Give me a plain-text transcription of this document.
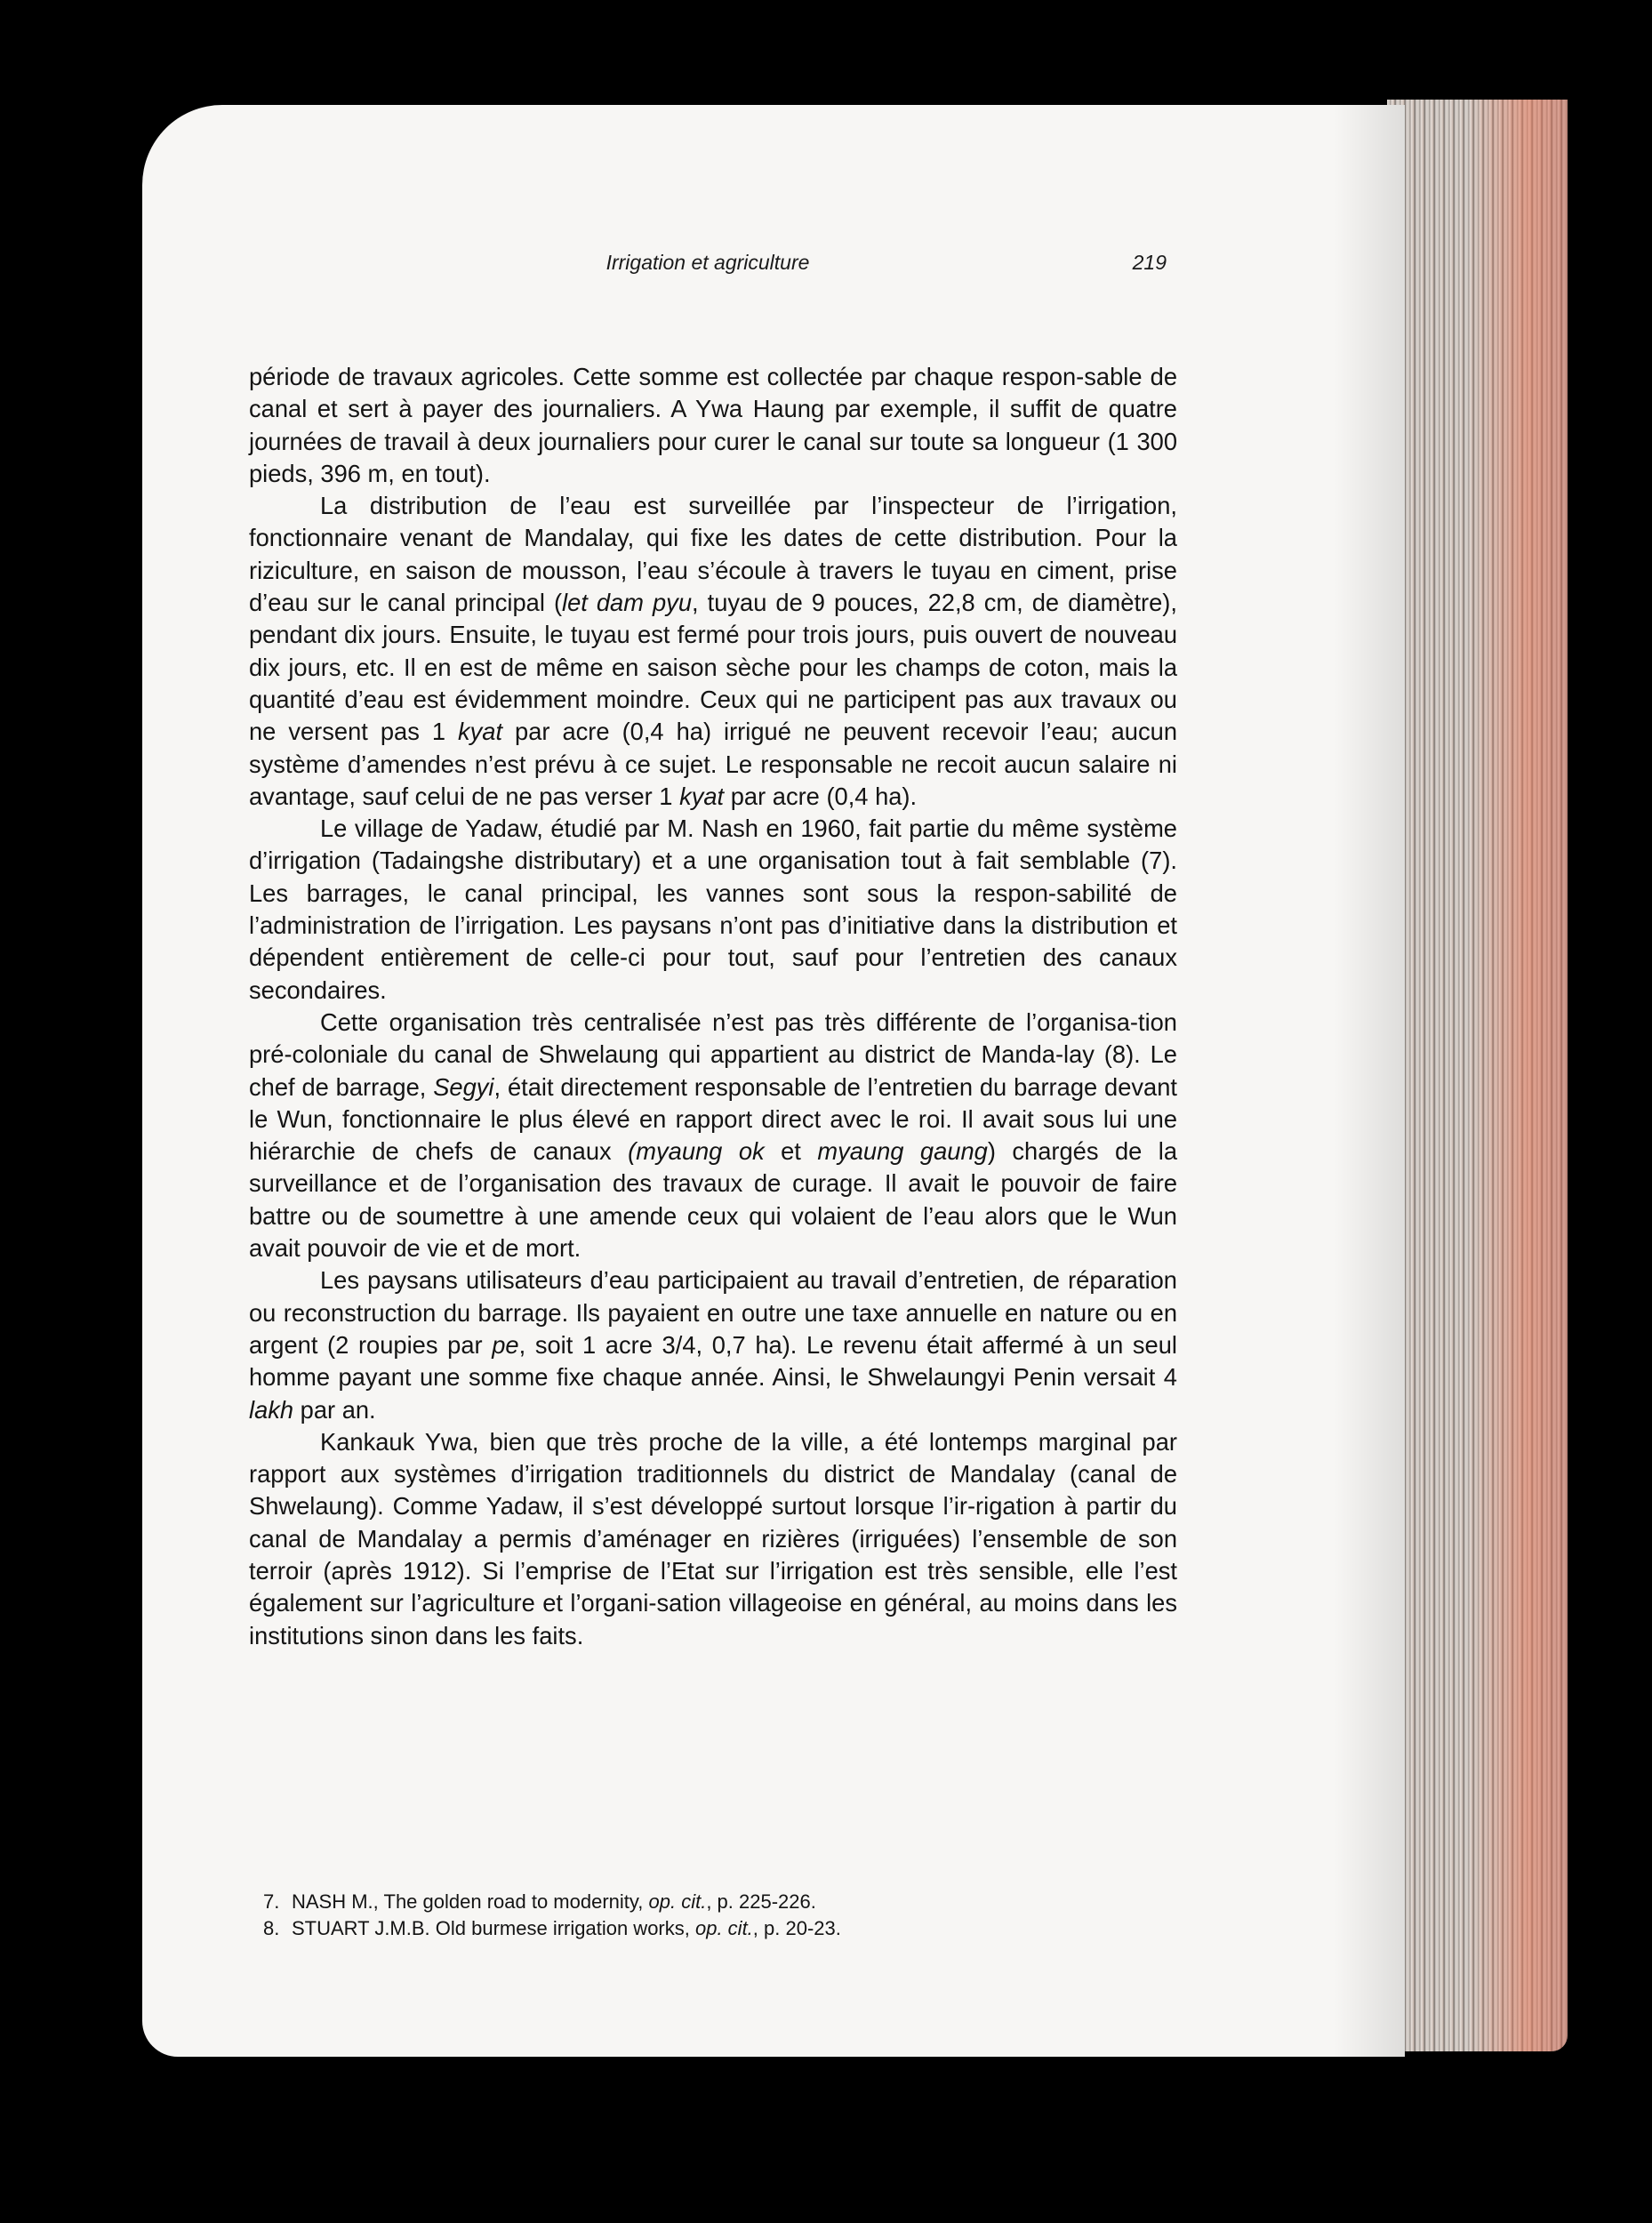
Irrigation et agriculture	219

période de travaux agricoles. Cette somme est collectée par chaque respon-sable de canal et sert à payer des journaliers. A Ywa Haung par exemple, il suffit de quatre journées de travail à deux journaliers pour curer le canal sur toute sa longueur (1 300 pieds, 396 m, en tout).

La distribution de l’eau est surveillée par l’inspecteur de l’irrigation, fonctionnaire venant de Mandalay, qui fixe les dates de cette distribution. Pour la riziculture, en saison de mousson, l’eau s’écoule à travers le tuyau en ciment, prise d’eau sur le canal principal (let dam pyu, tuyau de 9 pouces, 22,8 cm, de diamètre), pendant dix jours. Ensuite, le tuyau est fermé pour trois jours, puis ouvert de nouveau dix jours, etc. Il en est de même en saison sèche pour les champs de coton, mais la quantité d’eau est évidemment moindre. Ceux qui ne participent pas aux travaux ou ne versent pas 1 kyat par acre (0,4 ha) irrigué ne peuvent recevoir l’eau; aucun système d’amendes n’est prévu à ce sujet. Le responsable ne recoit aucun salaire ni avantage, sauf celui de ne pas verser 1 kyat par acre (0,4 ha).

Le village de Yadaw, étudié par M. Nash en 1960, fait partie du même système d’irrigation (Tadaingshe distributary) et a une organisation tout à fait semblable (7). Les barrages, le canal principal, les vannes sont sous la respon-sabilité de l’administration de l’irrigation. Les paysans n’ont pas d’initiative dans la distribution et dépendent entièrement de celle-ci pour tout, sauf pour l’entretien des canaux secondaires.

Cette organisation très centralisée n’est pas très différente de l’organisa-tion pré-coloniale du canal de Shwelaung qui appartient au district de Manda-lay (8). Le chef de barrage, Segyi, était directement responsable de l’entretien du barrage devant le Wun, fonctionnaire le plus élevé en rapport direct avec le roi. Il avait sous lui une hiérarchie de chefs de canaux (myaung ok et myaung gaung) chargés de la surveillance et de l’organisation des travaux de curage. Il avait le pouvoir de faire battre ou de soumettre à une amende ceux qui volaient de l’eau alors que le Wun avait pouvoir de vie et de mort.

Les paysans utilisateurs d’eau participaient au travail d’entretien, de réparation ou reconstruction du barrage. Ils payaient en outre une taxe annuelle en nature ou en argent (2 roupies par pe, soit 1 acre 3/4, 0,7 ha). Le revenu était affermé à un seul homme payant une somme fixe chaque année. Ainsi, le Shwelaungyi Penin versait 4 lakh par an.

Kankauk Ywa, bien que très proche de la ville, a été lontemps marginal par rapport aux systèmes d’irrigation traditionnels du district de Mandalay (canal de Shwelaung). Comme Yadaw, il s’est développé surtout lorsque l’ir-rigation à partir du canal de Mandalay a permis d’aménager en rizières (irriguées) l’ensemble de son terroir (après 1912). Si l’emprise de l’Etat sur l’irrigation est très sensible, elle l’est également sur l’agriculture et l’organi-sation villageoise en général, au moins dans les institutions sinon dans les faits.

7. NASH M., The golden road to modernity, op. cit., p. 225-226.
8. STUART J.M.B. Old burmese irrigation works, op. cit., p. 20-23.
